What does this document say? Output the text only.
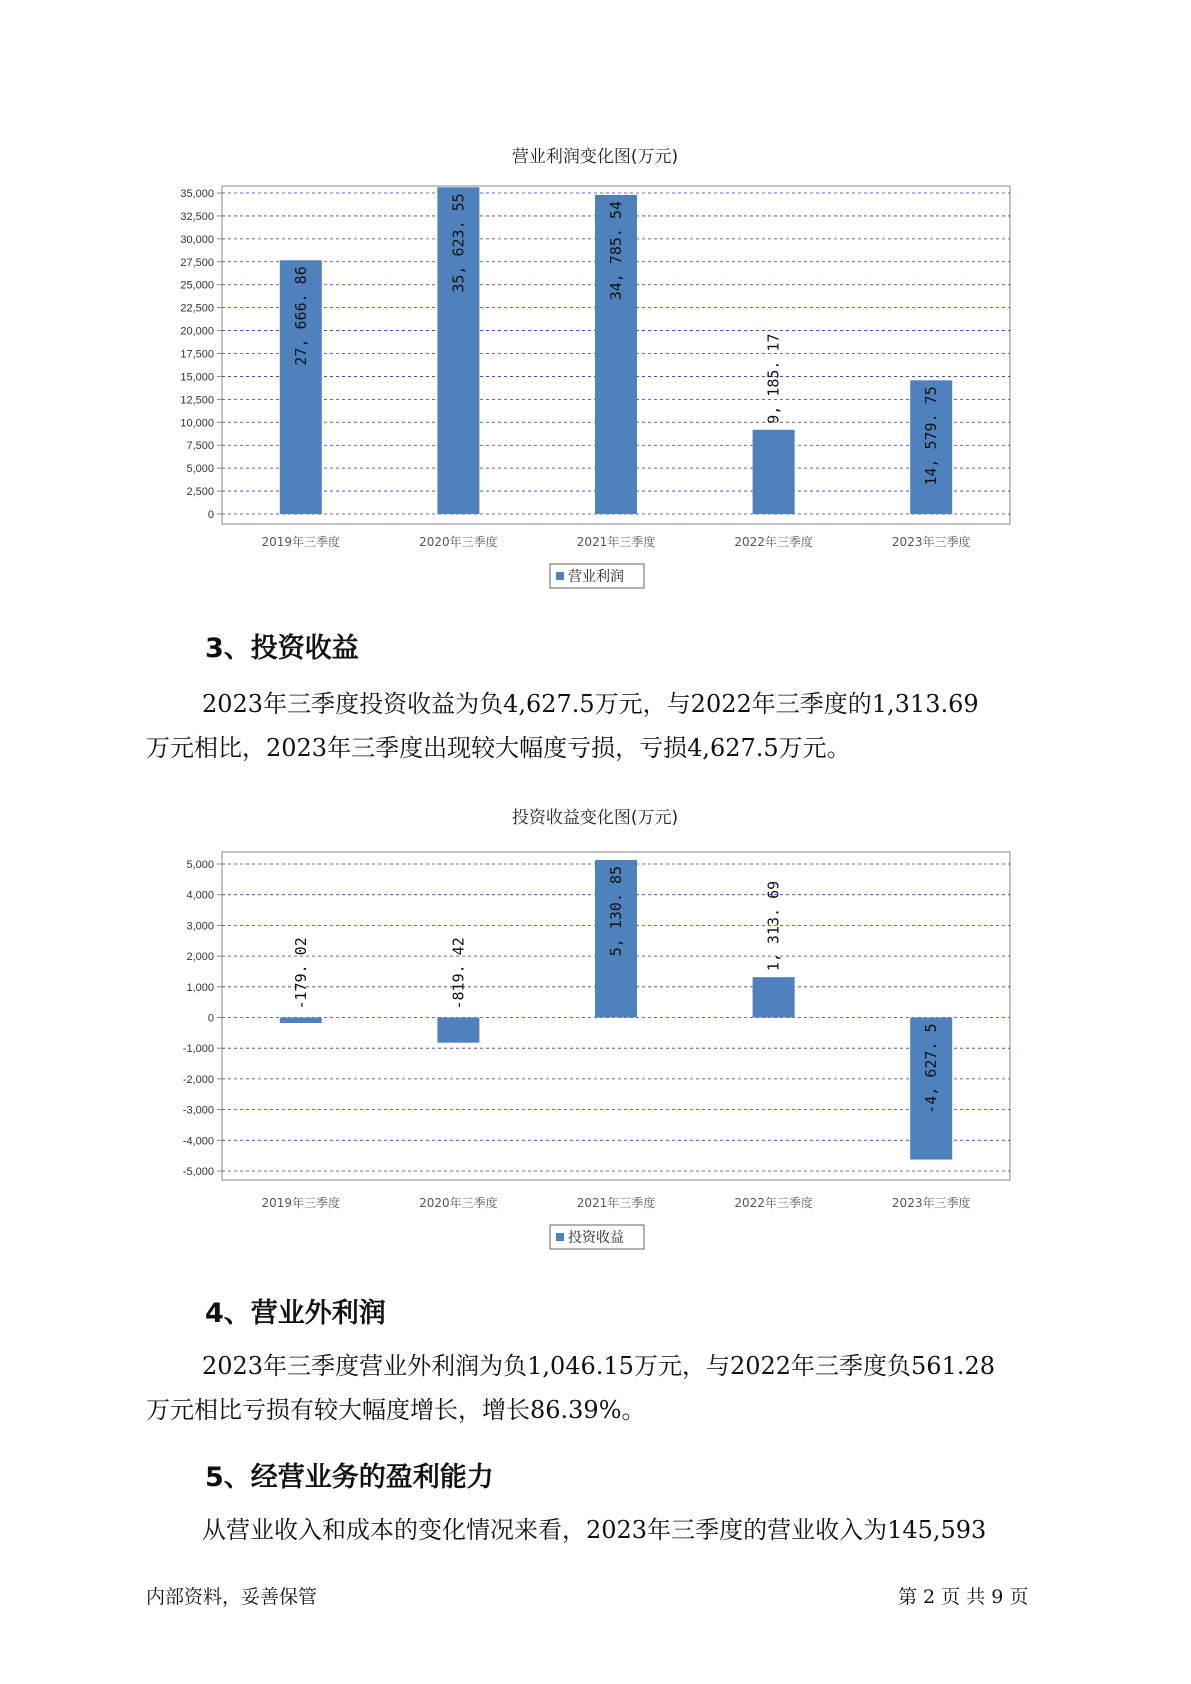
营业利润变化图(万元)
0
2,500
5,000
7,500
10,000
12,500
15,000
17,500
20,000
22,500
25,000
27,500
30,000
32,500
35,000
2019年三季度
27, 666. 86
2020年三季度
35, 623. 55
2021年三季度
34, 785. 54
2022年三季度
9, 185. 17
2023年三季度
14, 579. 75
营业利润
3、投资收益
2023年三季度投资收益为负4,627.5万元，与2022年三季度的1,313.69
万元相比，2023年三季度出现较大幅度亏损，亏损4,627.5万元。
投资收益变化图(万元)
-5,000
-4,000
-3,000
-2,000
-1,000
0
1,000
2,000
3,000
4,000
5,000
2019年三季度
-179. 02
2020年三季度
-819. 42
2021年三季度
5, 130. 85
2022年三季度
1, 313. 69
2023年三季度
-4, 627. 5
投资收益
4、营业外利润
2023年三季度营业外利润为负1,046.15万元，与2022年三季度负561.28
万元相比亏损有较大幅度增长，增长86.39%。
5、经营业务的盈利能力
从营业收入和成本的变化情况来看，2023年三季度的营业收入为145,593
内部资料，妥善保管	第 2 页 共 9 页
